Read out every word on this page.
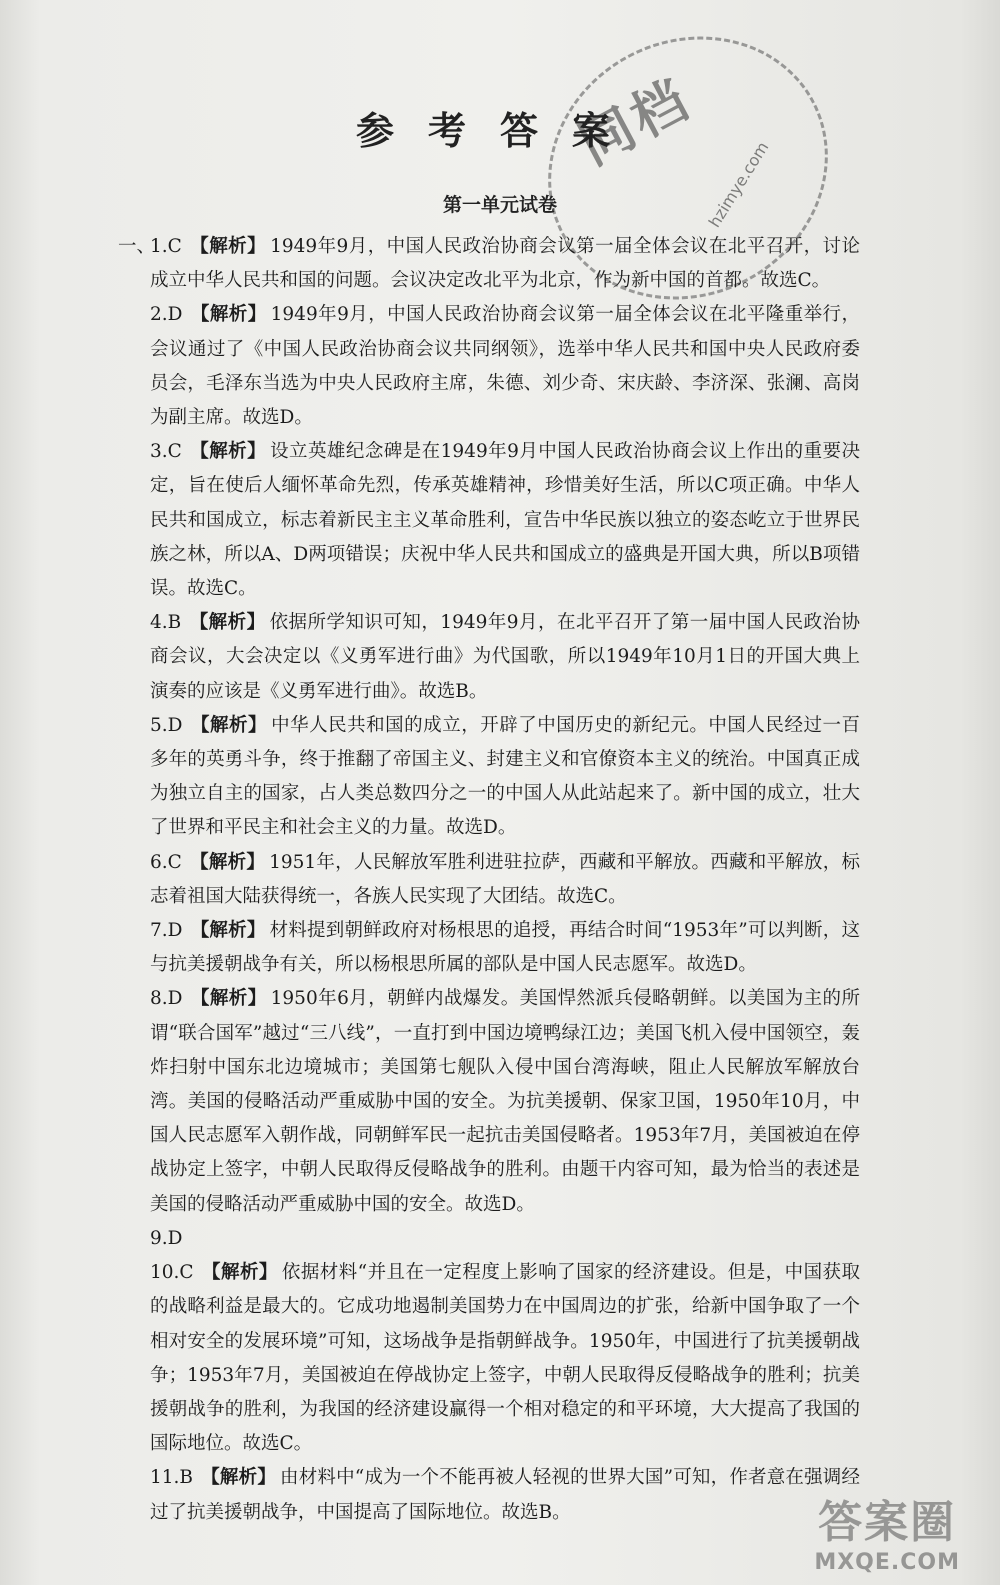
同档
hzimye.com
参考答案
第一单元试卷
一、

1.C 【解析】 1949年9月，中国人民政治协商会议第一届全体会议在北平召开，讨论成立中华人民共和国的问题。会议决定改北平为北京，作为新中国的首都。故选C。

2.D 【解析】 1949年9月，中国人民政治协商会议第一届全体会议在北平隆重举行，会议通过了《中国人民政治协商会议共同纲领》，选举中华人民共和国中央人民政府委员会，毛泽东当选为中央人民政府主席，朱德、刘少奇、宋庆龄、李济深、张澜、高岗为副主席。故选D。

3.C 【解析】 设立英雄纪念碑是在1949年9月中国人民政治协商会议上作出的重要决定，旨在使后人缅怀革命先烈，传承英雄精神，珍惜美好生活，所以C项正确。中华人民共和国成立，标志着新民主主义革命胜利，宣告中华民族以独立的姿态屹立于世界民族之林，所以A、D两项错误；庆祝中华人民共和国成立的盛典是开国大典，所以B项错误。故选C。

4.B 【解析】 依据所学知识可知，1949年9月，在北平召开了第一届中国人民政治协商会议，大会决定以《义勇军进行曲》为代国歌，所以1949年10月1日的开国大典上演奏的应该是《义勇军进行曲》。故选B。

5.D 【解析】 中华人民共和国的成立，开辟了中国历史的新纪元。中国人民经过一百多年的英勇斗争，终于推翻了帝国主义、封建主义和官僚资本主义的统治。中国真正成为独立自主的国家，占人类总数四分之一的中国人从此站起来了。新中国的成立，壮大了世界和平民主和社会主义的力量。故选D。

6.C 【解析】 1951年，人民解放军胜利进驻拉萨，西藏和平解放。西藏和平解放，标志着祖国大陆获得统一，各族人民实现了大团结。故选C。

7.D 【解析】 材料提到朝鲜政府对杨根思的追授，再结合时间“1953年”可以判断，这与抗美援朝战争有关，所以杨根思所属的部队是中国人民志愿军。故选D。

8.D 【解析】 1950年6月，朝鲜内战爆发。美国悍然派兵侵略朝鲜。以美国为主的所谓“联合国军”越过“三八线”，一直打到中国边境鸭绿江边；美国飞机入侵中国领空，轰炸扫射中国东北边境城市；美国第七舰队入侵中国台湾海峡，阻止人民解放军解放台湾。美国的侵略活动严重威胁中国的安全。为抗美援朝、保家卫国，1950年10月，中国人民志愿军入朝作战，同朝鲜军民一起抗击美国侵略者。1953年7月，美国被迫在停战协定上签字，中朝人民取得反侵略战争的胜利。由题干内容可知，最为恰当的表述是美国的侵略活动严重威胁中国的安全。故选D。

9.D

10.C 【解析】 依据材料“并且在一定程度上影响了国家的经济建设。但是，中国获取的战略利益是最大的。它成功地遏制美国势力在中国周边的扩张，给新中国争取了一个相对安全的发展环境”可知，这场战争是指朝鲜战争。1950年，中国进行了抗美援朝战争；1953年7月，美国被迫在停战协定上签字，中朝人民取得反侵略战争的胜利；抗美援朝战争的胜利，为我国的经济建设赢得一个相对稳定的和平环境，大大提高了我国的国际地位。故选C。

11.B 【解析】 由材料中“成为一个不能再被人轻视的世界大国”可知，作者意在强调经过了抗美援朝战争，中国提高了国际地位。故选B。	答案圈
MXQE.COM
